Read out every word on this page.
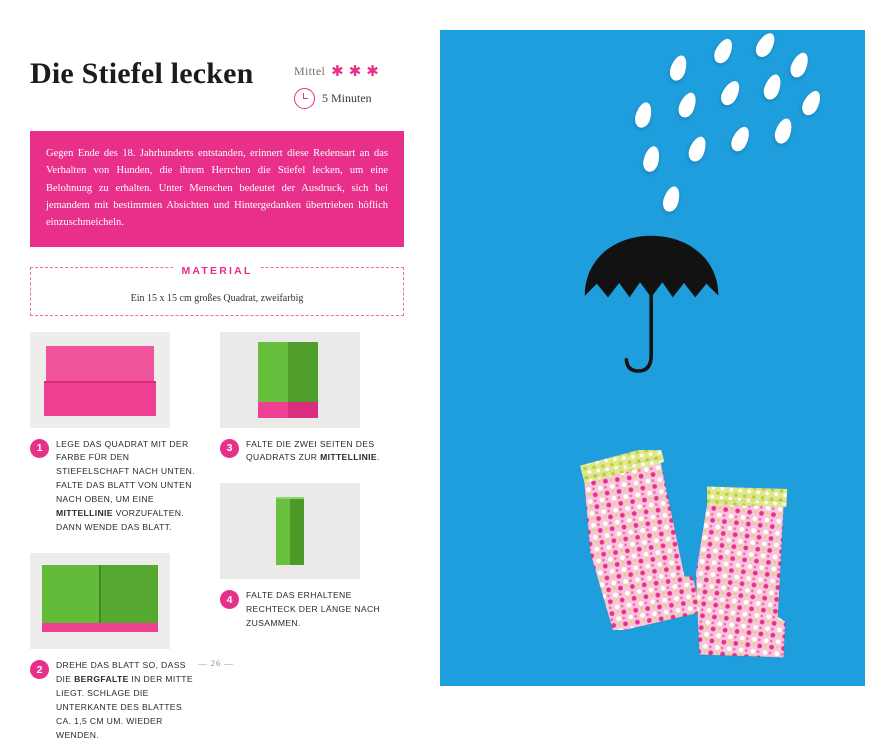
Die Stiefel lecken	Mittel ✱ ✱ ✱
5 Minuten
Gegen Ende des 18. Jahrhunderts entstanden, erinnert diese Redensart an das Verhalten von Hunden, die ihrem Herrchen die Stiefel lecken, um eine Belohnung zu erhalten. Unter Menschen bedeutet der Ausdruck, sich bei jemandem mit bestimmten Absichten und Hintergedanken übertrieben höflich einzuschmeicheln.
MATERIAL
Ein 15 x 15 cm großes Quadrat, zweifarbig
1	LEGE DAS QUADRAT MIT DER FARBE FÜR DEN STIEFELSCHAFT NACH UNTEN. FALTE DAS BLATT VON UNTEN NACH OBEN, UM EINE MITTELLINIE VORZUFALTEN. DANN WENDE DAS BLATT.
2	DREHE DAS BLATT SO, DASS DIE BERGFALTE IN DER MITTE LIEGT. SCHLAGE DIE UNTERKANTE DES BLATTES CA. 1,5 CM UM. WIEDER WENDEN.
3	FALTE DIE ZWEI SEITEN DES QUADRATS ZUR MITTELLINIE.
4	FALTE DAS ERHALTENE RECHTECK DER LÄNGE NACH ZUSAMMEN.
— 26 —
